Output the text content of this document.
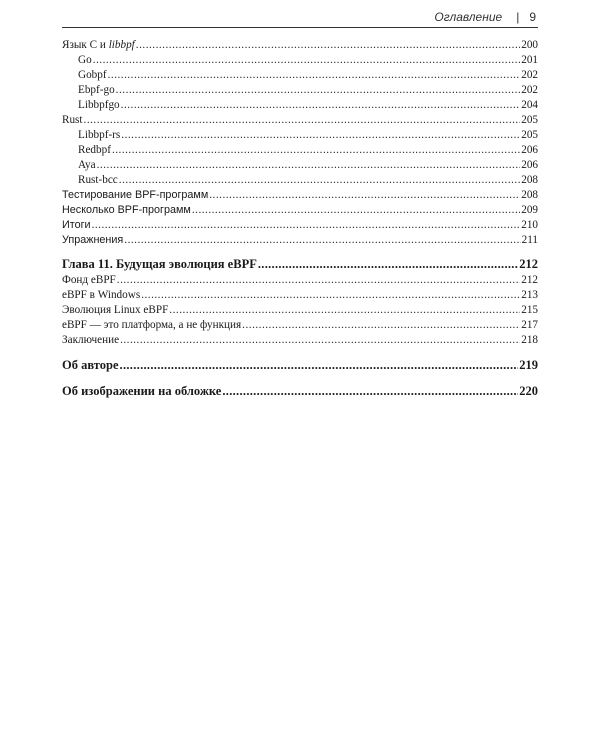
Оглавление | 9
Язык С и libbpf .....	200
Go .....	201
Gobpf .....	202
Ebpf-go .....	202
Libbpfgo .....	204
Rust .....	205
Libbpf-rs .....	205
Redbpf .....	206
Aya .....	206
Rust-bcc .....	208
Тестирование BPF-программ .....	208
Несколько BPF-программ .....	209
Итоги .....	210
Упражнения .....	211
Глава 11. Будущая эволюция eBPF .....	212
Фонд eBPF .....	212
eBPF в Windows .....	213
Эволюция Linux eBPF .....	215
eBPF — это платформа, а не функция .....	217
Заключение .....	218
Об авторе .....	219
Об изображении на обложке .....	220
